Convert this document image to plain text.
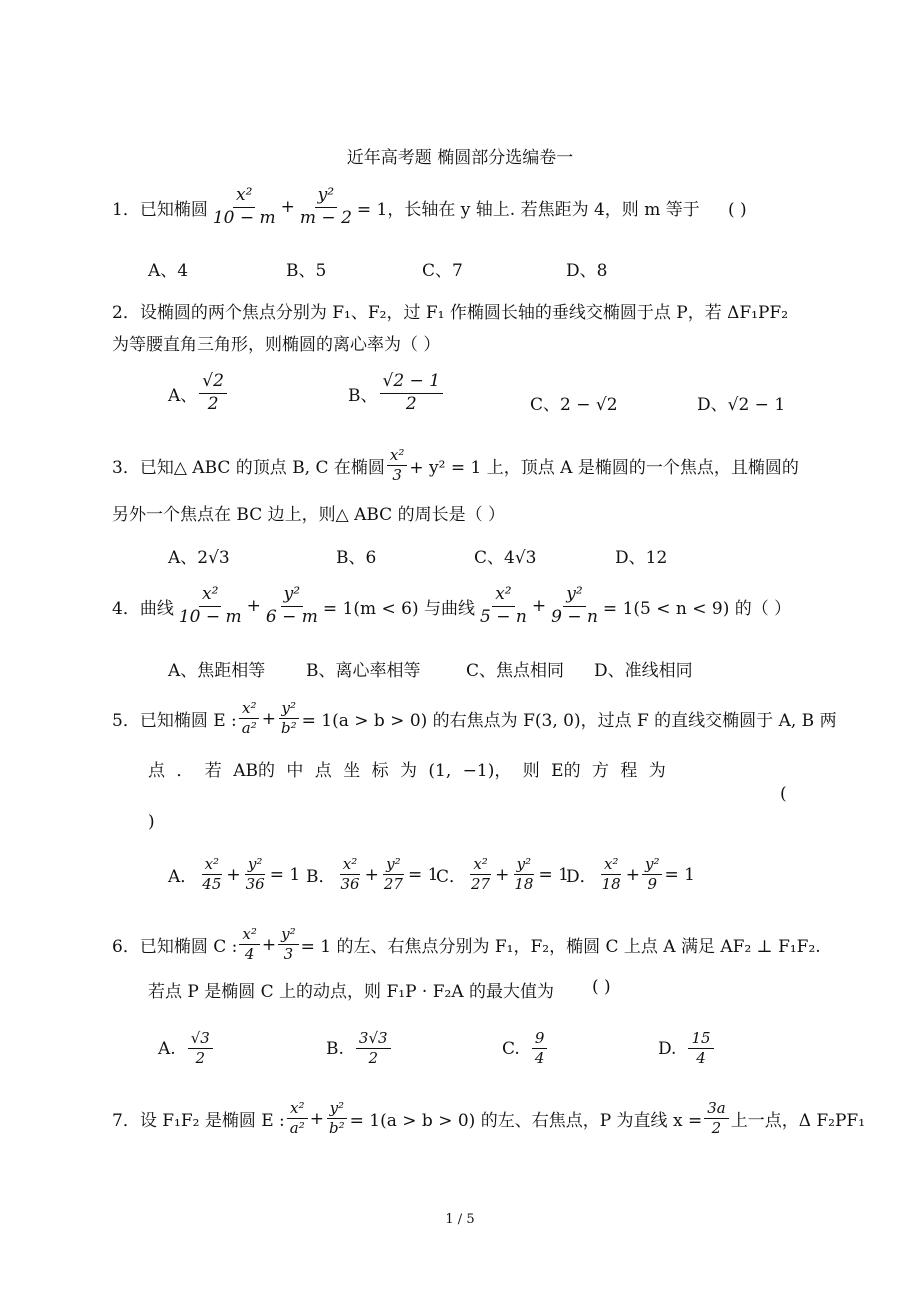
近年高考题 椭圆部分选编卷一
1．已知椭圆 $\frac{\text{x²}}{10 - m} + \frac{\text{y²}}{m - 2} = 1$，长轴在 y 轴上. 若焦距为 4，则 m 等于 ( )
A、4	B、5	C、7	D、8
2．设椭圆的两个焦点分别为 F₁、F₂，过 F₁ 作椭圆长轴的垂线交椭圆于点 P，若 ΔF₁PF₂
为等腰直角三角形，则椭圆的离心率为（ ）
A、 $\frac{√2}{2}$	B、 $\frac{√2 - 1}{2}$	C、2 − √2	D、√2 − 1
3．已知△ ABC 的顶点 B, C 在椭圆 $\frac{\text{x²}}{3} + y^2 = 1$ 上，顶点 A 是椭圆的一个焦点，且椭圆的
另外一个焦点在 BC 边上，则△ ABC 的周长是（ ）
A、2√3	B、6	C、4√3	D、12
4．曲线 $\frac{\text{x²}}{10 - m} + \frac{\text{y²}}{6 - m} = 1(m < 6)$ 与曲线 $\frac{\text{x²}}{5 - n} + \frac{\text{y²}}{9 - n} = 1(5 < n < 9)$ 的（ ）
A、焦距相等 B、离心率相等	C、焦点相同 D、准线相同
5．已知椭圆 E : $\frac{\text{x²}}{\text{a²}} + \frac{\text{y²}}{\text{b²}} = 1(a > b > 0)$ 的右焦点为 F(3, 0)，过点 F 的直线交椭圆于 A, B 两
点 ． 若 AB的 中 点 坐 标 为 (1, −1)， 则 E的 方 程 为
(
)
A． $\frac{\text{x²}}{45} + \frac{\text{y²}}{36} = 1$ B． $\frac{\text{x²}}{36} + \frac{\text{y²}}{27} = 1$
C． $\frac{\text{x²}}{27} + \frac{\text{y²}}{18} = 1$
D． $\frac{\text{x²}}{18} + \frac{\text{y²}}{9} = 1$
6．已知椭圆 C : $\frac{\text{x²}}{4} + \frac{\text{y²}}{3} = 1$ 的左、右焦点分别为 F₁，F₂，椭圆 C 上点 A 满足 AF₂ ⊥ F₁F₂.
若点 P 是椭圆 C 上的动点，则 F₁P · F₂A 的最大值为 ( )
A. $\frac{√3}{2}$	B. $\frac{3√3}{2}$	C. $\frac{9}{4}$	D. $\frac{15}{4}$
7．设 F₁F₂ 是椭圆 E : $\frac{\text{x²}}{\text{a²}} + \frac{\text{y²}}{\text{b²}} = 1(a > b > 0)$ 的左、右焦点，P 为直线 $x = \frac{3a}{2}$ 上一点，Δ F₂PF₁
1 / 5
